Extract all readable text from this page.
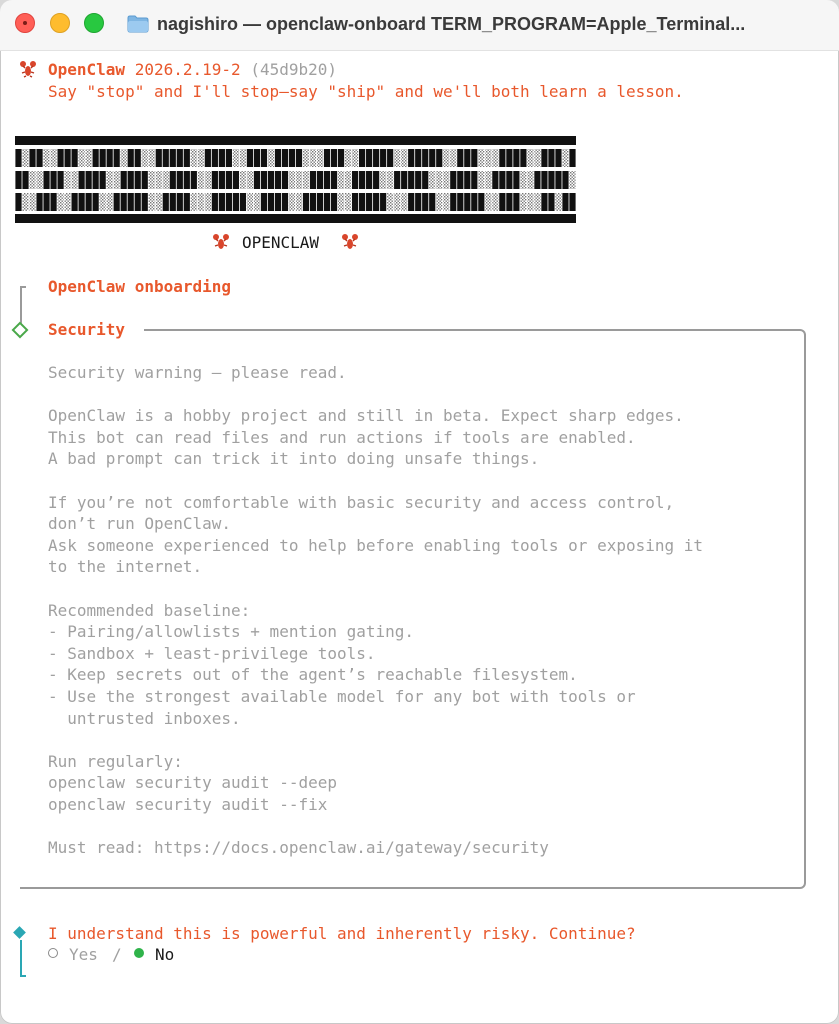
nagishiro — openclaw-onboard TERM_PROGRAM=Apple_Terminal...
OpenClaw 2026.2.19-2 (45d9b20)
Say "stop" and I'll stop—say "ship" and we'll both learn a lesson.
OPENCLAW
OpenClaw onboarding
Security
Security warning — please read.
OpenClaw is a hobby project and still in beta. Expect sharp edges.
This bot can read files and run actions if tools are enabled.
A bad prompt can trick it into doing unsafe things.
If you’re not comfortable with basic security and access control,
don’t run OpenClaw.
Ask someone experienced to help before enabling tools or exposing it
to the internet.
Recommended baseline:
- Pairing/allowlists + mention gating.
- Sandbox + least-privilege tools.
- Keep secrets out of the agent’s reachable filesystem.
- Use the strongest available model for any bot with tools or
untrusted inboxes.
Run regularly:
openclaw security audit --deep
openclaw security audit --fix
Must read: https://docs.openclaw.ai/gateway/security
I understand this is powerful and inherently risky. Continue?
Yes / No
